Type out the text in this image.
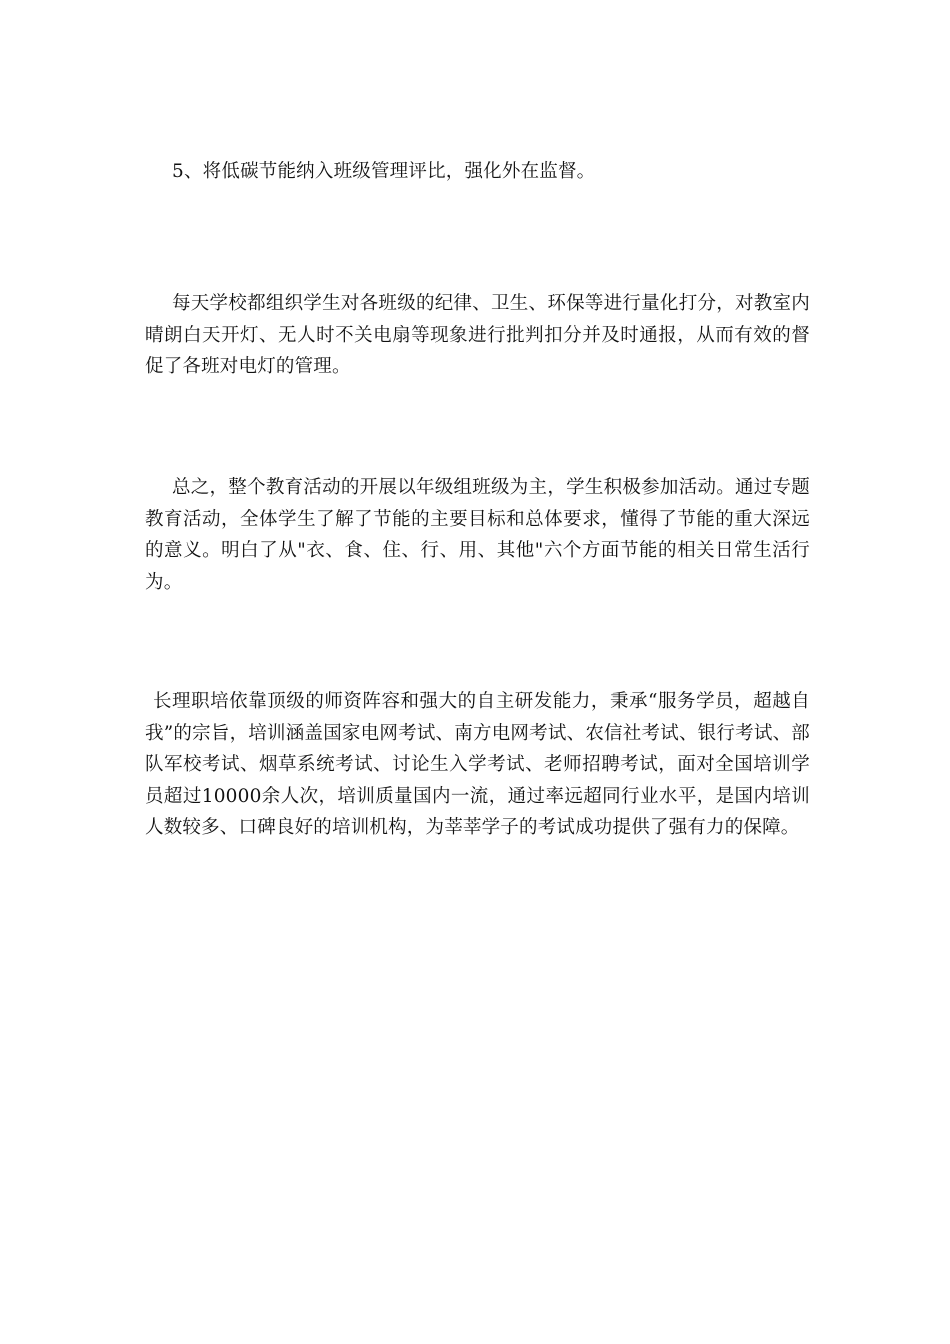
5、将低碳节能纳入班级管理评比，强化外在监督。

每天学校都组织学生对各班级的纪律、卫生、环保等进行量化打分，对教室内晴朗白天开灯、无人时不关电扇等现象进行批判扣分并及时通报，从而有效的督促了各班对电灯的管理。

总之，整个教育活动的开展以年级组班级为主，学生积极参加活动。通过专题教育活动，全体学生了解了节能的主要目标和总体要求，懂得了节能的重大深远的意义。明白了从"衣、食、住、行、用、其他"六个方面节能的相关日常生活行为。

长理职培依靠顶级的师资阵容和强大的自主研发能力，秉承“服务学员，超越自我”的宗旨，培训涵盖国家电网考试、南方电网考试、农信社考试、银行考试、部队军校考试、烟草系统考试、讨论生入学考试、老师招聘考试，面对全国培训学员超过10000余人次，培训质量国内一流，通过率远超同行业水平，是国内培训人数较多、口碑良好的培训机构，为莘莘学子的考试成功提供了强有力的保障。
